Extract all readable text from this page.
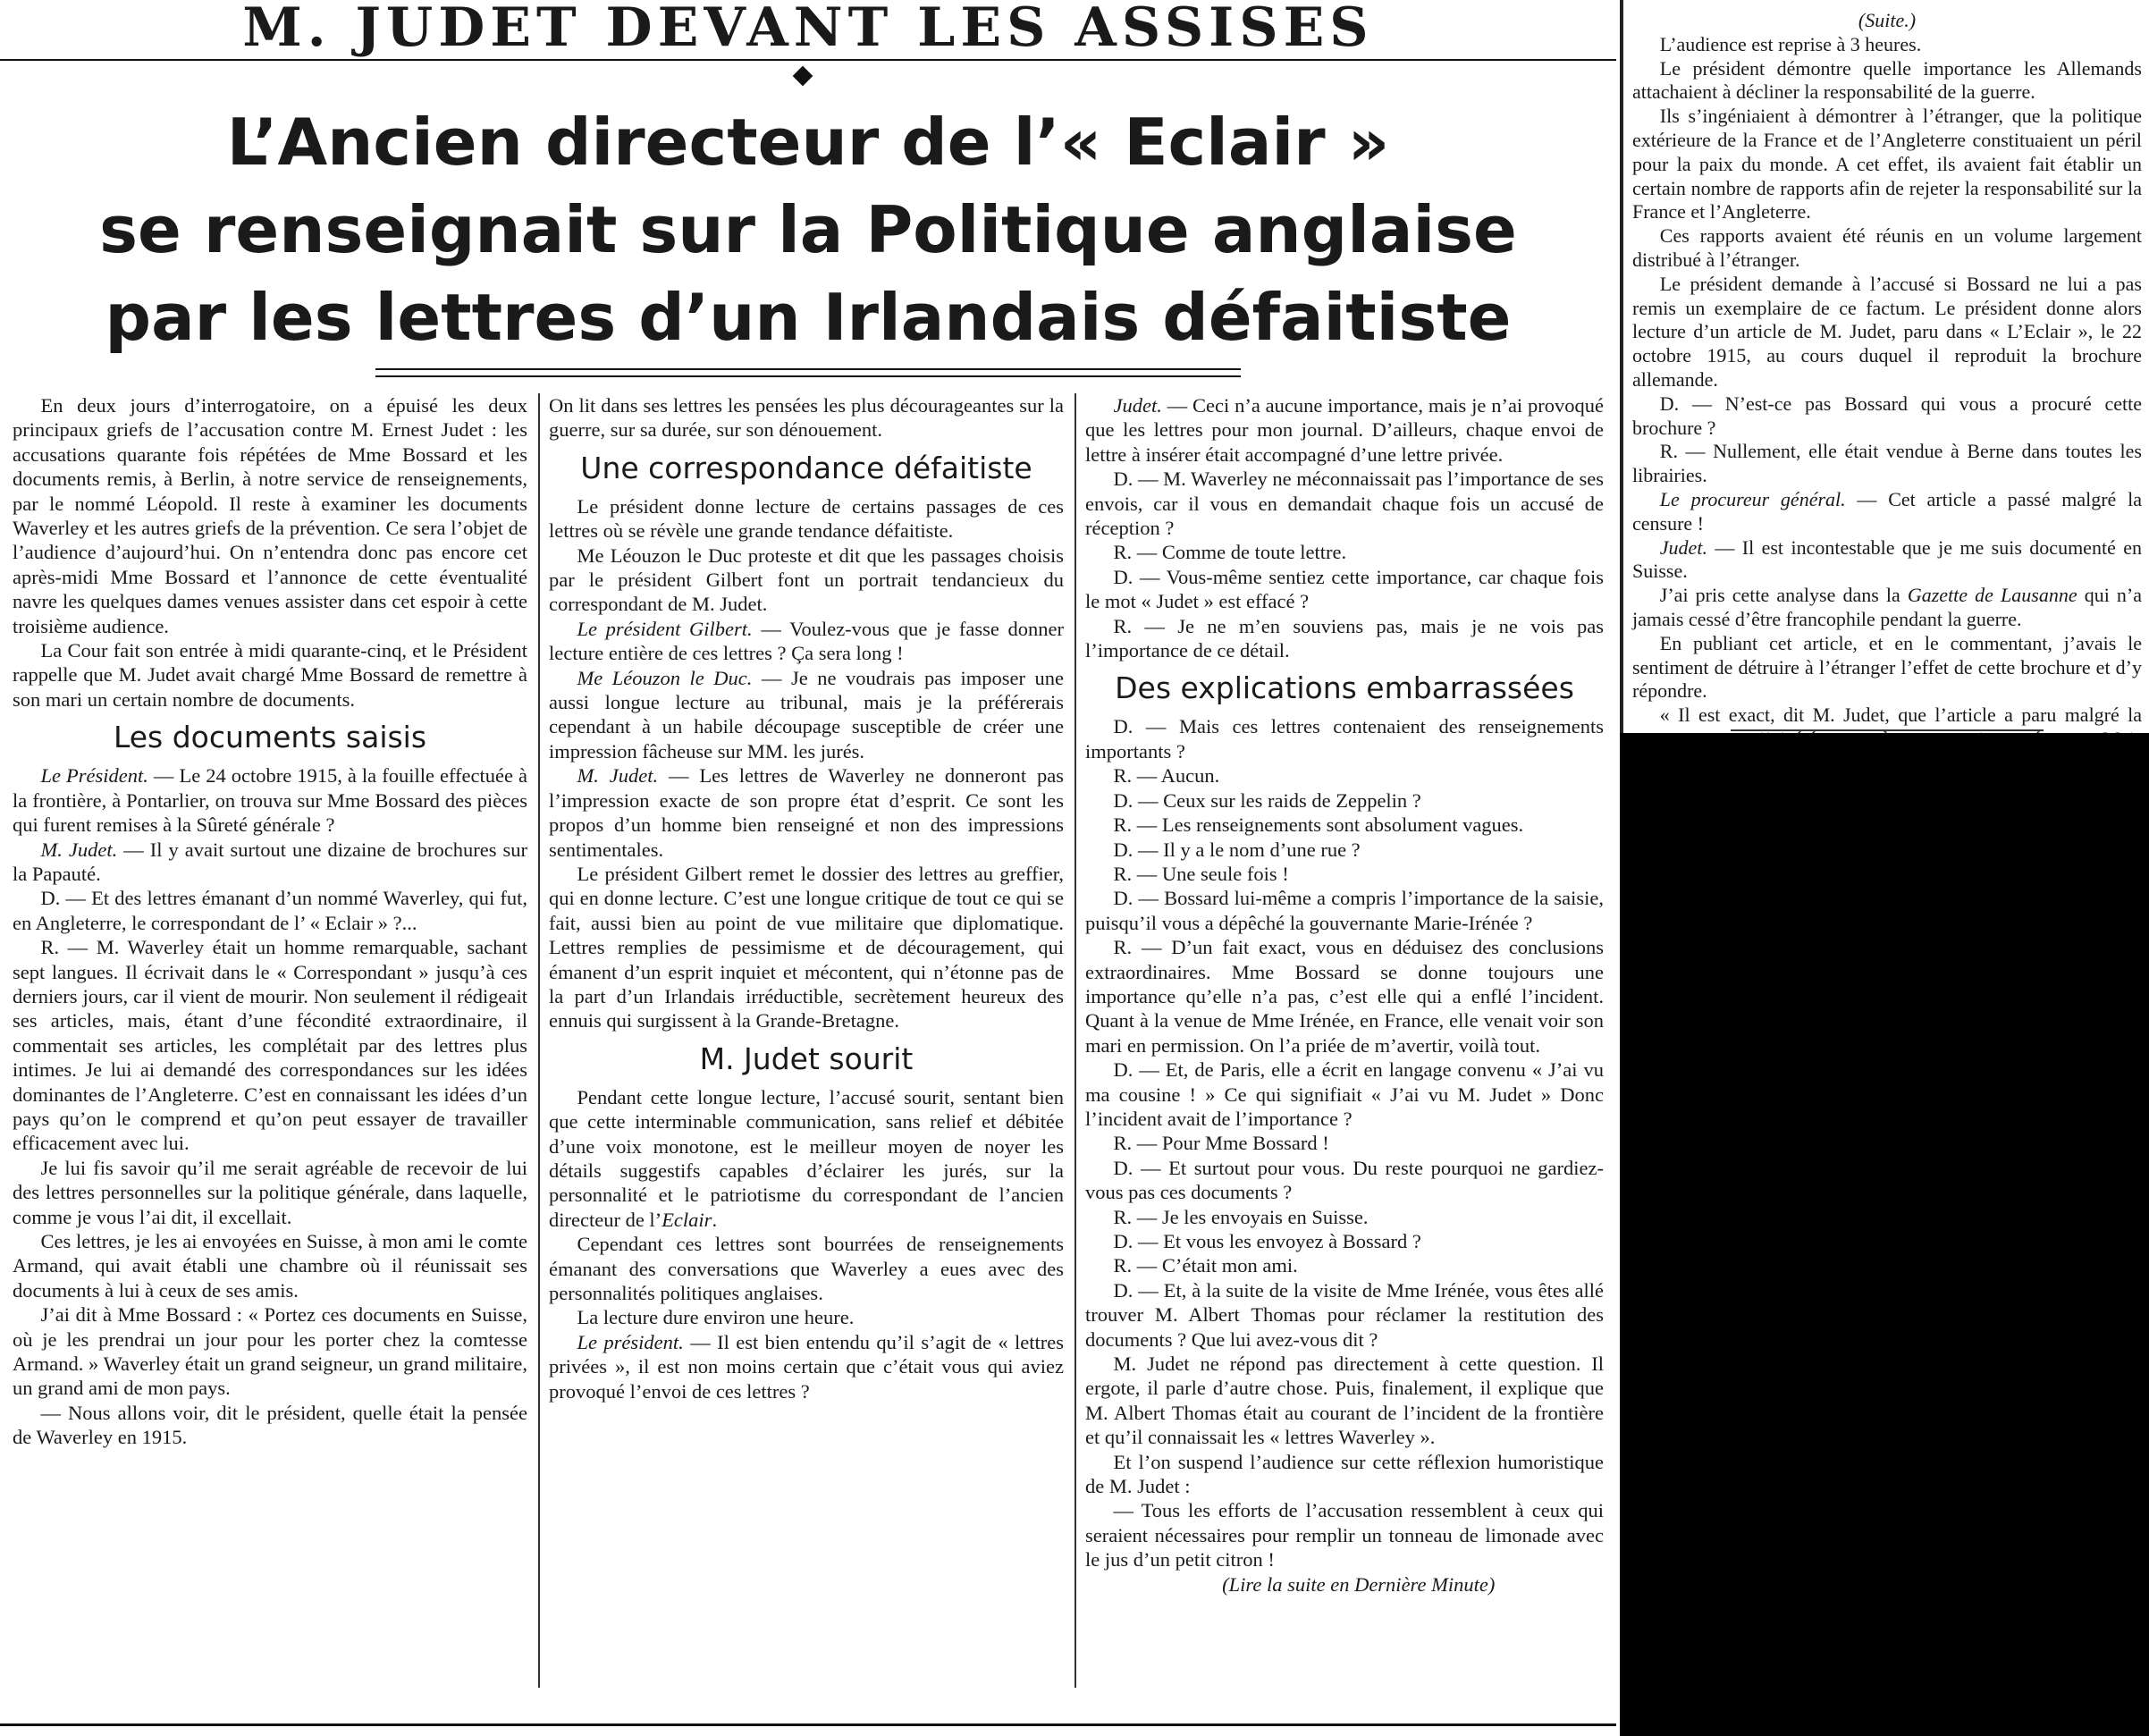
M. JUDET DEVANT LES ASSISES
L’Ancien directeur de l’« Eclair »
se renseignait sur la Politique anglaise
par les lettres d’un Irlandais défaitiste

En deux jours d’interrogatoire, on a épuisé les deux principaux griefs de l’accusation contre M. Ernest Judet : les accusations quarante fois répétées de Mme Bossard et les documents remis, à Berlin, à notre service de renseignements, par le nommé Léopold. Il reste à examiner les documents Waverley et les autres griefs de la prévention. Ce sera l’objet de l’audience d’aujourd’hui. On n’entendra donc pas encore cet après-midi Mme Bossard et l’annonce de cette éventualité navre les quelques dames venues assister dans cet espoir à cette troisième audience.

La Cour fait son entrée à midi quarante-cinq, et le Président rappelle que M. Judet avait chargé Mme Bossard de remettre à son mari un certain nombre de documents.

Les documents saisis

Le Président. — Le 24 octobre 1915, à la fouille effectuée à la frontière, à Pontarlier, on trouva sur Mme Bossard des pièces qui furent remises à la Sûreté générale ?

M. Judet. — Il y avait surtout une dizaine de brochures sur la Papauté.

D. — Et des lettres émanant d’un nommé Waverley, qui fut, en Angleterre, le correspondant de l’ « Eclair » ?...

R. — M. Waverley était un homme remarquable, sachant sept langues. Il écrivait dans le « Correspondant » jusqu’à ces derniers jours, car il vient de mourir. Non seulement il rédigeait ses articles, mais, étant d’une fécondité extraordinaire, il commentait ses articles, les complétait par des lettres plus intimes. Je lui ai demandé des correspondances sur les idées dominantes de l’Angleterre. C’est en connaissant les idées d’un pays qu’on le comprend et qu’on peut essayer de travailler efficacement avec lui.

Je lui fis savoir qu’il me serait agréable de recevoir de lui des lettres personnelles sur la politique générale, dans laquelle, comme je vous l’ai dit, il excellait.

Ces lettres, je les ai envoyées en Suisse, à mon ami le comte Armand, qui avait établi une chambre où il réunissait ses documents à lui à ceux de ses amis.

J’ai dit à Mme Bossard : « Portez ces documents en Suisse, où je les prendrai un jour pour les porter chez la comtesse Armand. » Waverley était un grand seigneur, un grand militaire, un grand ami de mon pays.

— Nous allons voir, dit le président, quelle était la pensée de Waverley en 1915.

On lit dans ses lettres les pensées les plus décourageantes sur la guerre, sur sa durée, sur son dénouement.

Une correspondance défaitiste

Le président donne lecture de certains passages de ces lettres où se révèle une grande tendance défaitiste.

Me Léouzon le Duc proteste et dit que les passages choisis par le président Gilbert font un portrait tendancieux du correspondant de M. Judet.

Le président Gilbert. — Voulez-vous que je fasse donner lecture entière de ces lettres ? Ça sera long !

Me Léouzon le Duc. — Je ne voudrais pas imposer une aussi longue lecture au tribunal, mais je la préférerais cependant à un habile découpage susceptible de créer une impression fâcheuse sur MM. les jurés.

M. Judet. — Les lettres de Waverley ne donneront pas l’impression exacte de son propre état d’esprit. Ce sont les propos d’un homme bien renseigné et non des impressions sentimentales.

Le président Gilbert remet le dossier des lettres au greffier, qui en donne lecture. C’est une longue critique de tout ce qui se fait, aussi bien au point de vue militaire que diplomatique. Lettres remplies de pessimisme et de découragement, qui émanent d’un esprit inquiet et mécontent, qui n’étonne pas de la part d’un Irlandais irréductible, secrètement heureux des ennuis qui surgissent à la Grande-Bretagne.

M. Judet sourit

Pendant cette longue lecture, l’accusé sourit, sentant bien que cette interminable communication, sans relief et débitée d’une voix monotone, est le meilleur moyen de noyer les détails suggestifs capables d’éclairer les jurés, sur la personnalité et le patriotisme du correspondant de l’ancien directeur de l’Eclair.

Cependant ces lettres sont bourrées de renseignements émanant des conversations que Waverley a eues avec des personnalités politiques anglaises.

La lecture dure environ une heure.

Le président. — Il est bien entendu qu’il s’agit de « lettres privées », il est non moins certain que c’était vous qui aviez provoqué l’envoi de ces lettres ?

Judet. — Ceci n’a aucune importance, mais je n’ai provoqué que les lettres pour mon journal. D’ailleurs, chaque envoi de lettre à insérer était accompagné d’une lettre privée.

D. — M. Waverley ne méconnaissait pas l’importance de ses envois, car il vous en demandait chaque fois un accusé de réception ?

R. — Comme de toute lettre.

D. — Vous-même sentiez cette importance, car chaque fois le mot « Judet » est effacé ?

R. — Je ne m’en souviens pas, mais je ne vois pas l’importance de ce détail.

Des explications embarrassées

D. — Mais ces lettres contenaient des renseignements importants ?

R. — Aucun.

D. — Ceux sur les raids de Zeppelin ?

R. — Les renseignements sont absolument vagues.

D. — Il y a le nom d’une rue ?

R. — Une seule fois !

D. — Bossard lui-même a compris l’importance de la saisie, puisqu’il vous a dépêché la gouvernante Marie-Irénée ?

R. — D’un fait exact, vous en déduisez des conclusions extraordinaires. Mme Bossard se donne toujours une importance qu’elle n’a pas, c’est elle qui a enflé l’incident. Quant à la venue de Mme Irénée, en France, elle venait voir son mari en permission. On l’a priée de m’avertir, voilà tout.

D. — Et, de Paris, elle a écrit en langage convenu « J’ai vu ma cousine ! » Ce qui signifiait « J’ai vu M. Judet » Donc l’incident avait de l’importance ?

R. — Pour Mme Bossard !

D. — Et surtout pour vous. Du reste pourquoi ne gardiez-vous pas ces documents ?

R. — Je les envoyais en Suisse.

D. — Et vous les envoyez à Bossard ?

R. — C’était mon ami.

D. — Et, à la suite de la visite de Mme Irénée, vous êtes allé trouver M. Albert Thomas pour réclamer la restitution des documents ? Que lui avez-vous dit ?

M. Judet ne répond pas directement à cette question. Il ergote, il parle d’autre chose. Puis, finalement, il explique que M. Albert Thomas était au courant de l’incident de la frontière et qu’il connaissait les « lettres Waverley ».

Et l’on suspend l’audience sur cette réflexion humoristique de M. Judet :

— Tous les efforts de l’accusation ressemblent à ceux qui seraient nécessaires pour remplir un tonneau de limonade avec le jus d’un petit citron !

(Lire la suite en Dernière Minute)

(Suite.)

L’audience est reprise à 3 heures.

Le président démontre quelle importance les Allemands attachaient à décliner la responsabilité de la guerre.

Ils s’ingéniaient à démontrer à l’étranger, que la politique extérieure de la France et de l’Angleterre constituaient un péril pour la paix du monde. A cet effet, ils avaient fait établir un certain nombre de rapports afin de rejeter la responsabilité sur la France et l’Angleterre.

Ces rapports avaient été réunis en un volume largement distribué à l’étranger.

Le président demande à l’accusé si Bossard ne lui a pas remis un exemplaire de ce factum. Le président donne alors lecture d’un article de M. Judet, paru dans « L’Eclair », le 22 octobre 1915, au cours duquel il reproduit la brochure allemande.

D. — N’est-ce pas Bossard qui vous a procuré cette brochure ?

R. — Nullement, elle était vendue à Berne dans toutes les librairies.

Le procureur général. — Cet article a passé malgré la censure !

Judet. — Il est incontestable que je me suis documenté en Suisse.

J’ai pris cette analyse dans la Gazette de Lausanne qui n’a jamais cessé d’être francophile pendant la guerre.

En publiant cet article, et en le commentant, j’avais le sentiment de détruire à l’étranger l’effet de cette brochure et d’y répondre.

« Il est exact, dit M. Judet, que l’article a paru malgré la
